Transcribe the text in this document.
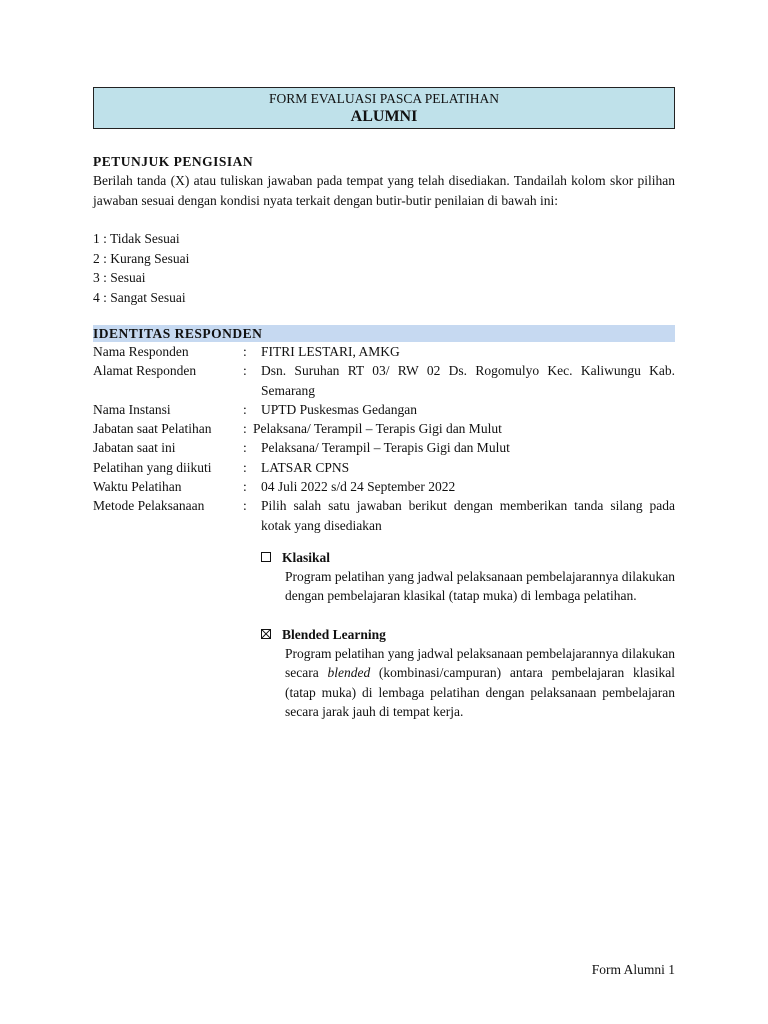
FORM EVALUASI PASCA PELATIHAN
ALUMNI
PETUNJUK PENGISIAN
Berilah tanda (X) atau tuliskan jawaban pada tempat yang telah disediakan. Tandailah kolom skor pilihan jawaban sesuai dengan kondisi nyata terkait dengan butir-butir penilaian di bawah ini:
1 : Tidak Sesuai
2 : Kurang Sesuai
3 : Sesuai
4 : Sangat Sesuai
IDENTITAS RESPONDEN
Nama Responden	:	FITRI LESTARI, AMKG
Alamat Responden	:	Dsn. Suruhan RT 03/ RW 02 Ds. Rogomulyo Kec. Kaliwungu Kab. Semarang
Nama Instansi	:	UPTD Puskesmas Gedangan
Jabatan saat Pelatihan	: Pelaksana/ Terampil – Terapis Gigi dan Mulut
Jabatan saat ini	:	Pelaksana/ Terampil – Terapis Gigi dan Mulut
Pelatihan yang diikuti	:	LATSAR CPNS
Waktu Pelatihan	:	04 Juli 2022 s/d 24 September 2022
Metode Pelaksanaan	:	Pilih salah satu jawaban berikut dengan memberikan tanda silang pada kotak yang disediakan
Klasikal
Program pelatihan yang jadwal pelaksanaan pembelajarannya dilakukan dengan pembelajaran klasikal (tatap muka) di lembaga pelatihan.
Blended Learning
Program pelatihan yang jadwal pelaksanaan pembelajarannya dilakukan secara blended (kombinasi/campuran) antara pembelajaran klasikal (tatap muka) di lembaga pelatihan dengan pelaksanaan pembelajaran secara jarak jauh di tempat kerja.
Form Alumni 1
